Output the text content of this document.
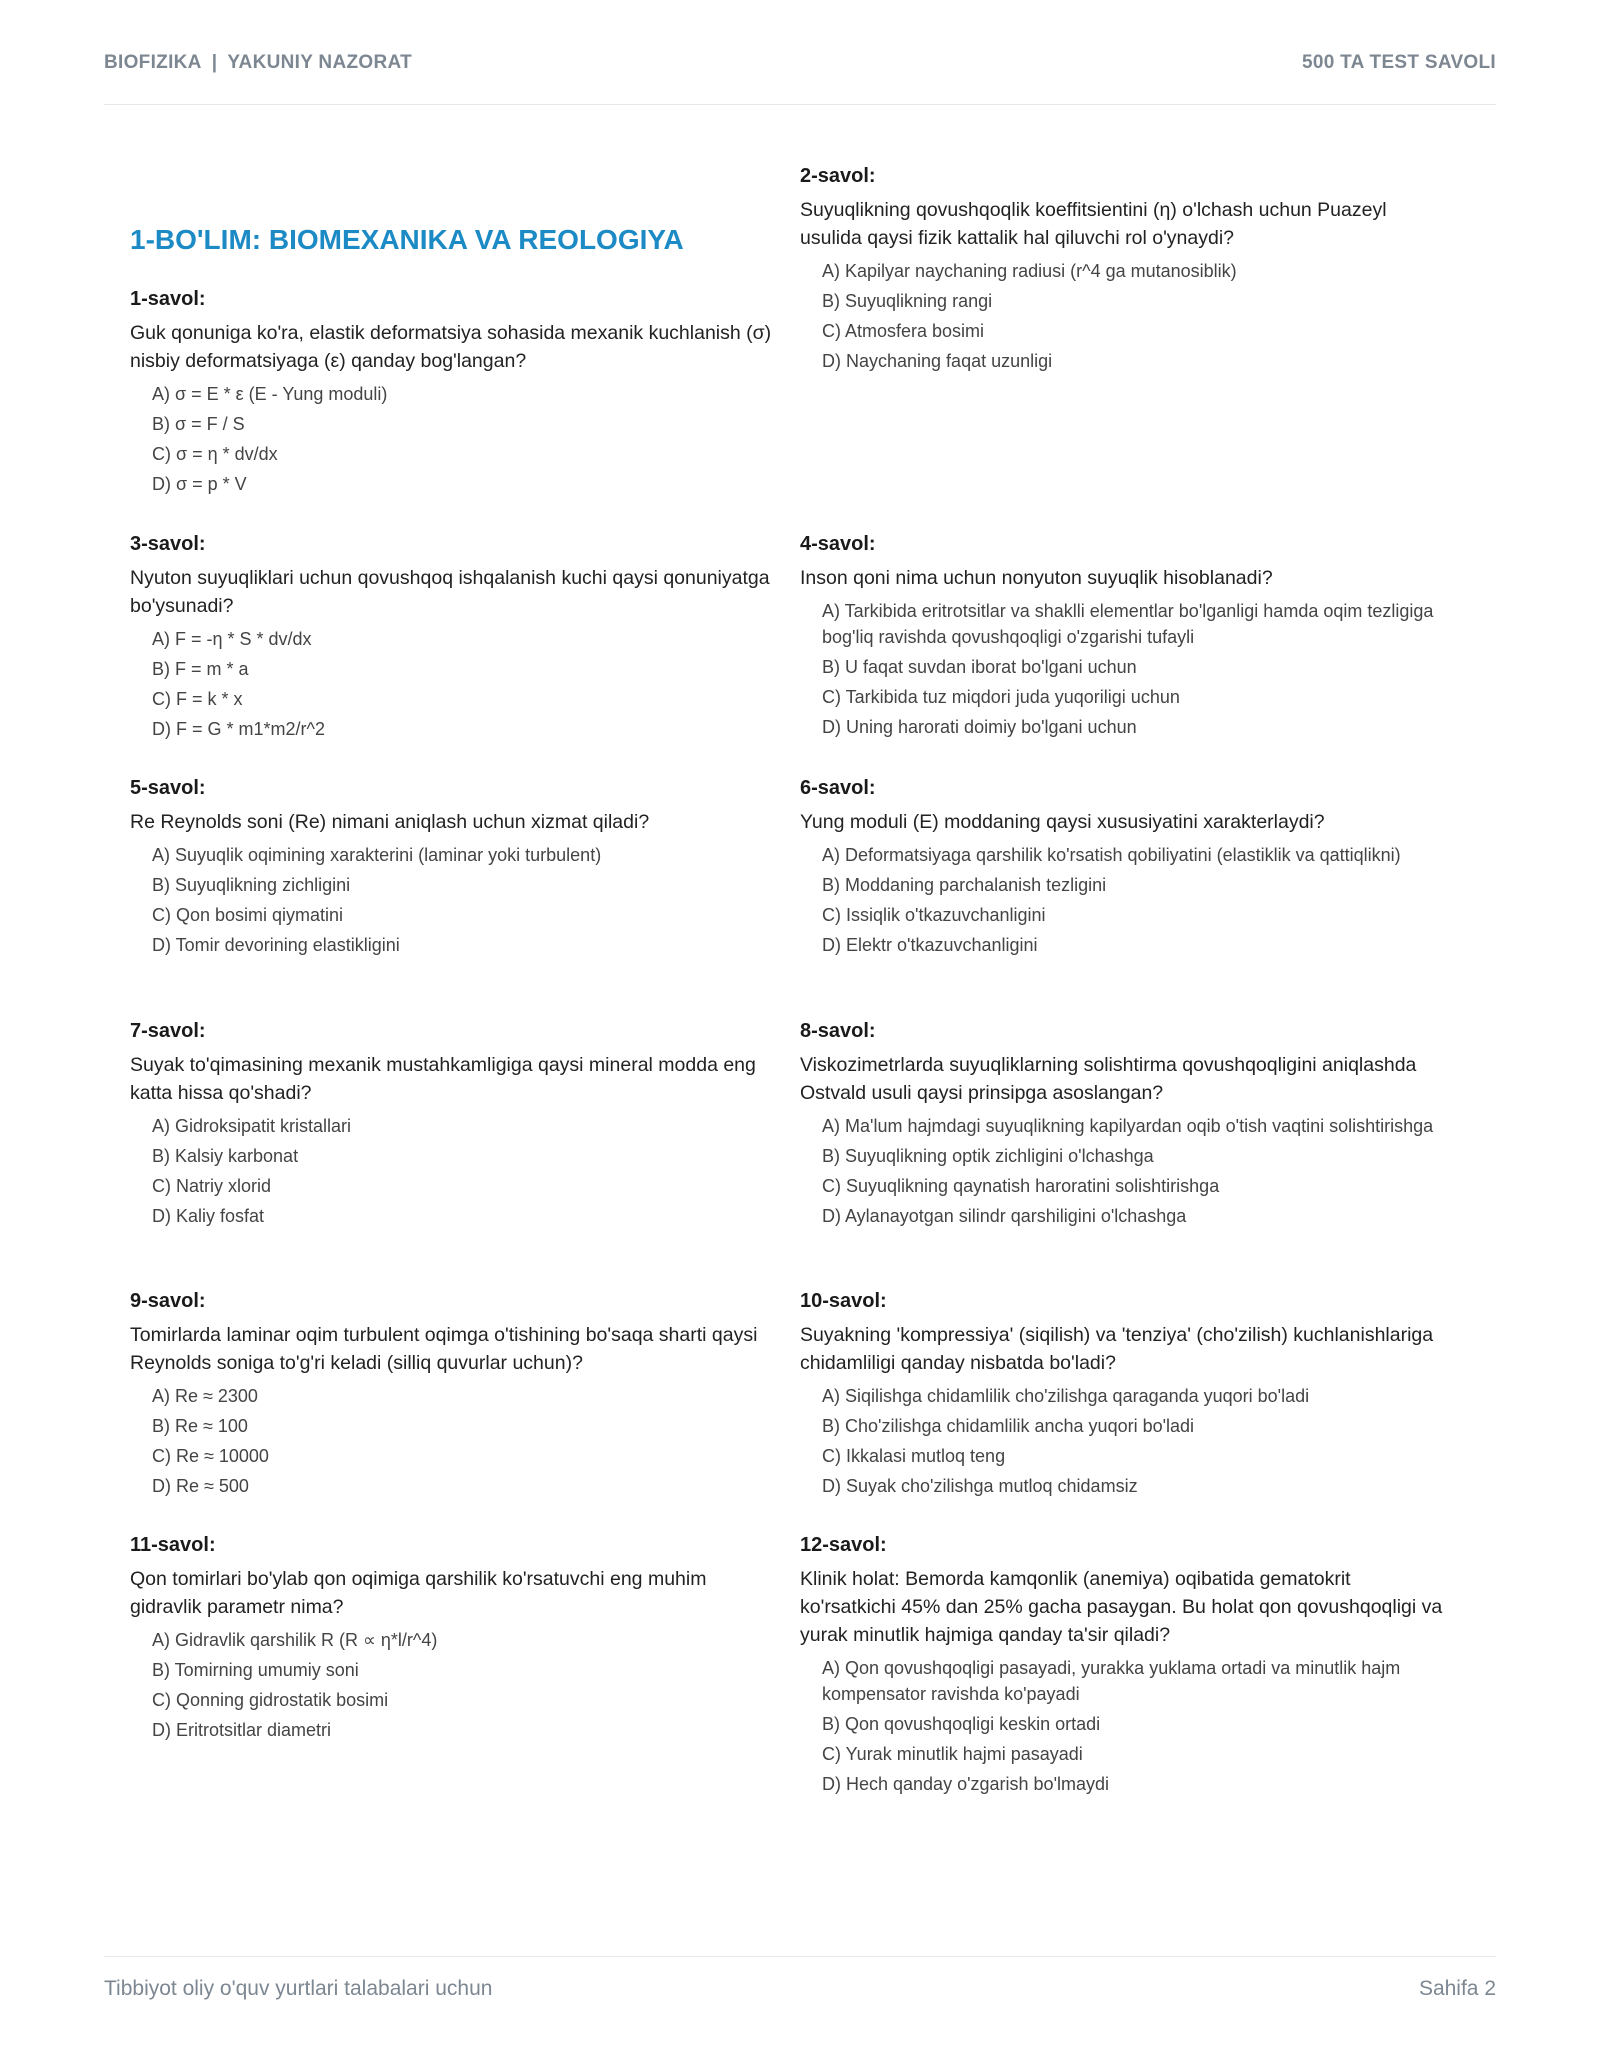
BIOFIZIKA | YAKUNIY NAZORAT	500 TA TEST SAVOLI
1-BO'LIM: BIOMEXANIKA VA REOLOGIYA
1-savol:
Guk qonuniga ko'ra, elastik deformatsiya sohasida mexanik kuchlanish (σ) nisbiy deformatsiyaga (ε) qanday bog'langan?
A) σ = E * ε (E - Yung moduli)
B) σ = F / S
C) σ = η * dv/dx
D) σ = p * V
2-savol:
Suyuqlikning qovushqoqlik koeffitsientini (η) o'lchash uchun Puazeyl usulida qaysi fizik kattalik hal qiluvchi rol o'ynaydi?
A) Kapilyar naychaning radiusi (r^4 ga mutanosiblik)
B) Suyuqlikning rangi
C) Atmosfera bosimi
D) Naychaning faqat uzunligi
3-savol:
Nyuton suyuqliklari uchun qovushqoq ishqalanish kuchi qaysi qonuniyatga bo'ysunadi?
A) F = -η * S * dv/dx
B) F = m * a
C) F = k * x
D) F = G * m1*m2/r^2
4-savol:
Inson qoni nima uchun nonyuton suyuqlik hisoblanadi?
A) Tarkibida eritrotsitlar va shaklli elementlar bo'lganligi hamda oqim tezligiga bog'liq ravishda qovushqoqligi o'zgarishi tufayli
B) U faqat suvdan iborat bo'lgani uchun
C) Tarkibida tuz miqdori juda yuqoriligi uchun
D) Uning harorati doimiy bo'lgani uchun
5-savol:
Re Reynolds soni (Re) nimani aniqlash uchun xizmat qiladi?
A) Suyuqlik oqimining xarakterini (laminar yoki turbulent)
B) Suyuqlikning zichligini
C) Qon bosimi qiymatini
D) Tomir devorining elastikligini
6-savol:
Yung moduli (E) moddaning qaysi xususiyatini xarakterlaydi?
A) Deformatsiyaga qarshilik ko'rsatish qobiliyatini (elastiklik va qattiqlikni)
B) Moddaning parchalanish tezligini
C) Issiqlik o'tkazuvchanligini
D) Elektr o'tkazuvchanligini
7-savol:
Suyak to'qimasining mexanik mustahkamligiga qaysi mineral modda eng katta hissa qo'shadi?
A) Gidroksipatit kristallari
B) Kalsiy karbonat
C) Natriy xlorid
D) Kaliy fosfat
8-savol:
Viskozimetrlarda suyuqliklarning solishtirma qovushqoqligini aniqlashda Ostvald usuli qaysi prinsipga asoslangan?
A) Ma'lum hajmdagi suyuqlikning kapilyardan oqib o'tish vaqtini solishtirishga
B) Suyuqlikning optik zichligini o'lchashga
C) Suyuqlikning qaynatish haroratini solishtirishga
D) Aylanayotgan silindr qarshiligini o'lchashga
9-savol:
Tomirlarda laminar oqim turbulent oqimga o'tishining bo'saqa sharti qaysi Reynolds soniga to'g'ri keladi (silliq quvurlar uchun)?
A) Re ≈ 2300
B) Re ≈ 100
C) Re ≈ 10000
D) Re ≈ 500
10-savol:
Suyakning 'kompressiya' (siqilish) va 'tenziya' (cho'zilish) kuchlanishlariga chidamliligi qanday nisbatda bo'ladi?
A) Siqilishga chidamlilik cho'zilishga qaraganda yuqori bo'ladi
B) Cho'zilishga chidamlilik ancha yuqori bo'ladi
C) Ikkalasi mutloq teng
D) Suyak cho'zilishga mutloq chidamsiz
11-savol:
Qon tomirlari bo'ylab qon oqimiga qarshilik ko'rsatuvchi eng muhim gidravlik parametr nima?
A) Gidravlik qarshilik R (R ∝ η*l/r^4)
B) Tomirning umumiy soni
C) Qonning gidrostatik bosimi
D) Eritrotsitlar diametri
12-savol:
Klinik holat: Bemorda kamqonlik (anemiya) oqibatida gematokrit ko'rsatkichi 45% dan 25% gacha pasaygan. Bu holat qon qovushqoqligi va yurak minutlik hajmiga qanday ta'sir qiladi?
A) Qon qovushqoqligi pasayadi, yurakka yuklama ortadi va minutlik hajm kompensator ravishda ko'payadi
B) Qon qovushqoqligi keskin ortadi
C) Yurak minutlik hajmi pasayadi
D) Hech qanday o'zgarish bo'lmaydi
Tibbiyot oliy o'quv yurtlari talabalari uchun	Sahifa 2
